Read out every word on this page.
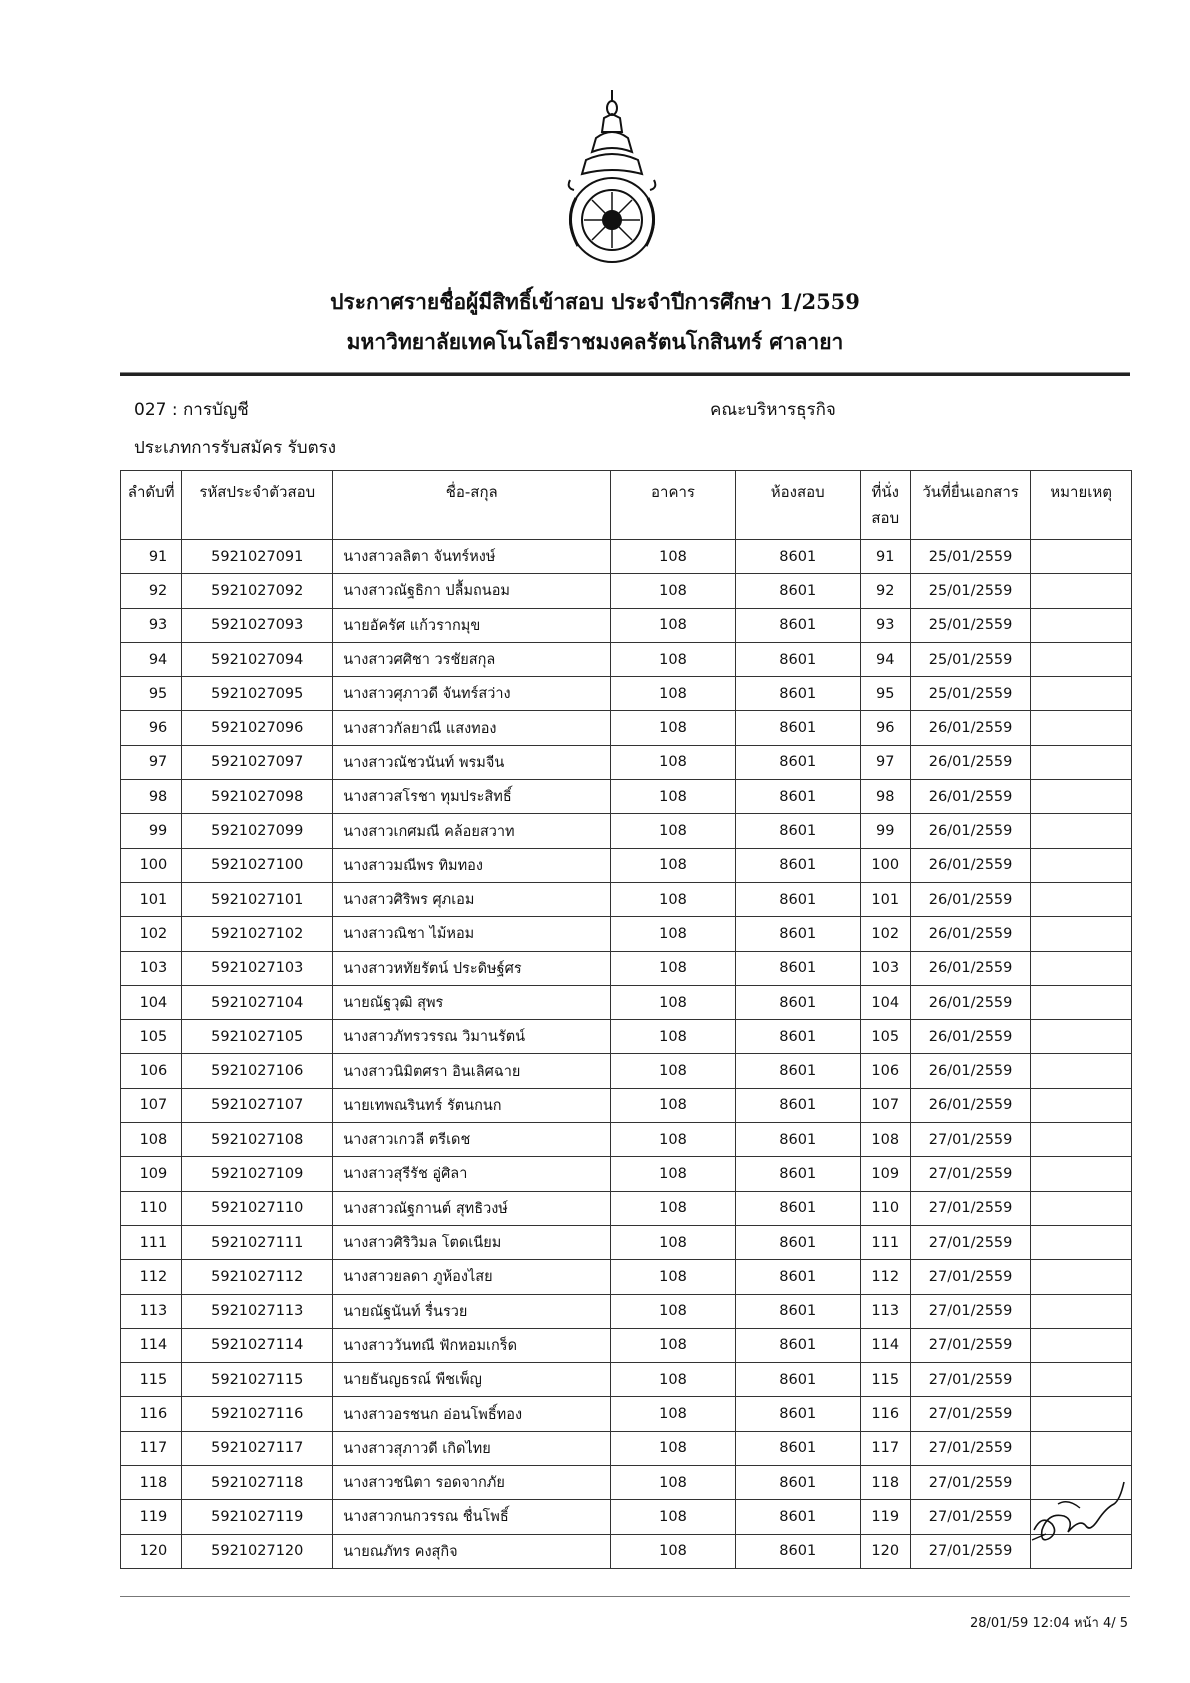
ประกาศรายชื่อผู้มีสิทธิ์เข้าสอบ ประจำปีการศึกษา 1/2559
มหาวิทยาลัยเทคโนโลยีราชมงคลรัตนโกสินทร์ ศาลายา
027 : การบัญชี	คณะบริหารธุรกิจ
ประเภทการรับสมัคร รับตรง
ลำดับที่	รหัสประจำตัวสอบ	ชื่อ-สกุล	อาคาร	ห้องสอบ	ที่นั่งสอบ	วันที่ยื่นเอกสาร	หมายเหตุ
91	5921027091	นางสาวลลิตา จันทร์หงษ์	108	8601	91	25/01/2559	
92	5921027092	นางสาวณัฐธิกา ปลื้มถนอม	108	8601	92	25/01/2559	
93	5921027093	นายอัครัศ แก้วรากมุข	108	8601	93	25/01/2559	
94	5921027094	นางสาวศศิชา วรชัยสกุล	108	8601	94	25/01/2559	
95	5921027095	นางสาวศุภาวดี จันทร์สว่าง	108	8601	95	25/01/2559	
96	5921027096	นางสาวกัลยาณี แสงทอง	108	8601	96	26/01/2559	
97	5921027097	นางสาวณัชวนันท์ พรมจีน	108	8601	97	26/01/2559	
98	5921027098	นางสาวสโรชา ทุมประสิทธิ์	108	8601	98	26/01/2559	
99	5921027099	นางสาวเกศมณี คล้อยสวาท	108	8601	99	26/01/2559	
100	5921027100	นางสาวมณีพร ทิมทอง	108	8601	100	26/01/2559	
101	5921027101	นางสาวศิริพร ศุภเอม	108	8601	101	26/01/2559	
102	5921027102	นางสาวณิชา ไม้หอม	108	8601	102	26/01/2559	
103	5921027103	นางสาวหทัยรัตน์ ประดิษฐ์ศร	108	8601	103	26/01/2559	
104	5921027104	นายณัฐวุฒิ สุพร	108	8601	104	26/01/2559	
105	5921027105	นางสาวภัทรวรรณ วิมานรัตน์	108	8601	105	26/01/2559	
106	5921027106	นางสาวนิมิตศรา อินเลิศฉาย	108	8601	106	26/01/2559	
107	5921027107	นายเทพณรินทร์ รัตนกนก	108	8601	107	26/01/2559	
108	5921027108	นางสาวเกวลี ตรีเดช	108	8601	108	27/01/2559	
109	5921027109	นางสาวสุรีรัช อู่ศิลา	108	8601	109	27/01/2559	
110	5921027110	นางสาวณัฐกานต์ สุทธิวงษ์	108	8601	110	27/01/2559	
111	5921027111	นางสาวศิริวิมล โตดเนียม	108	8601	111	27/01/2559	
112	5921027112	นางสาวยลดา ภูห้องไสย	108	8601	112	27/01/2559	
113	5921027113	นายณัฐนันท์ รื่นรวย	108	8601	113	27/01/2559	
114	5921027114	นางสาววันทณี ฟักหอมเกร็ด	108	8601	114	27/01/2559	
115	5921027115	นายธันญธรณ์ พืชเพ็ญ	108	8601	115	27/01/2559	
116	5921027116	นางสาวอรชนก อ่อนโพธิ์ทอง	108	8601	116	27/01/2559	
117	5921027117	นางสาวสุภาวดี เกิดไทย	108	8601	117	27/01/2559	
118	5921027118	นางสาวชนิตา รอดจากภัย	108	8601	118	27/01/2559	
119	5921027119	นางสาวกนกวรรณ ชื่นโพธิ์	108	8601	119	27/01/2559	
120	5921027120	นายณภัทร คงสุกิจ	108	8601	120	27/01/2559	
28/01/59 12:04 หน้า 4/ 5
